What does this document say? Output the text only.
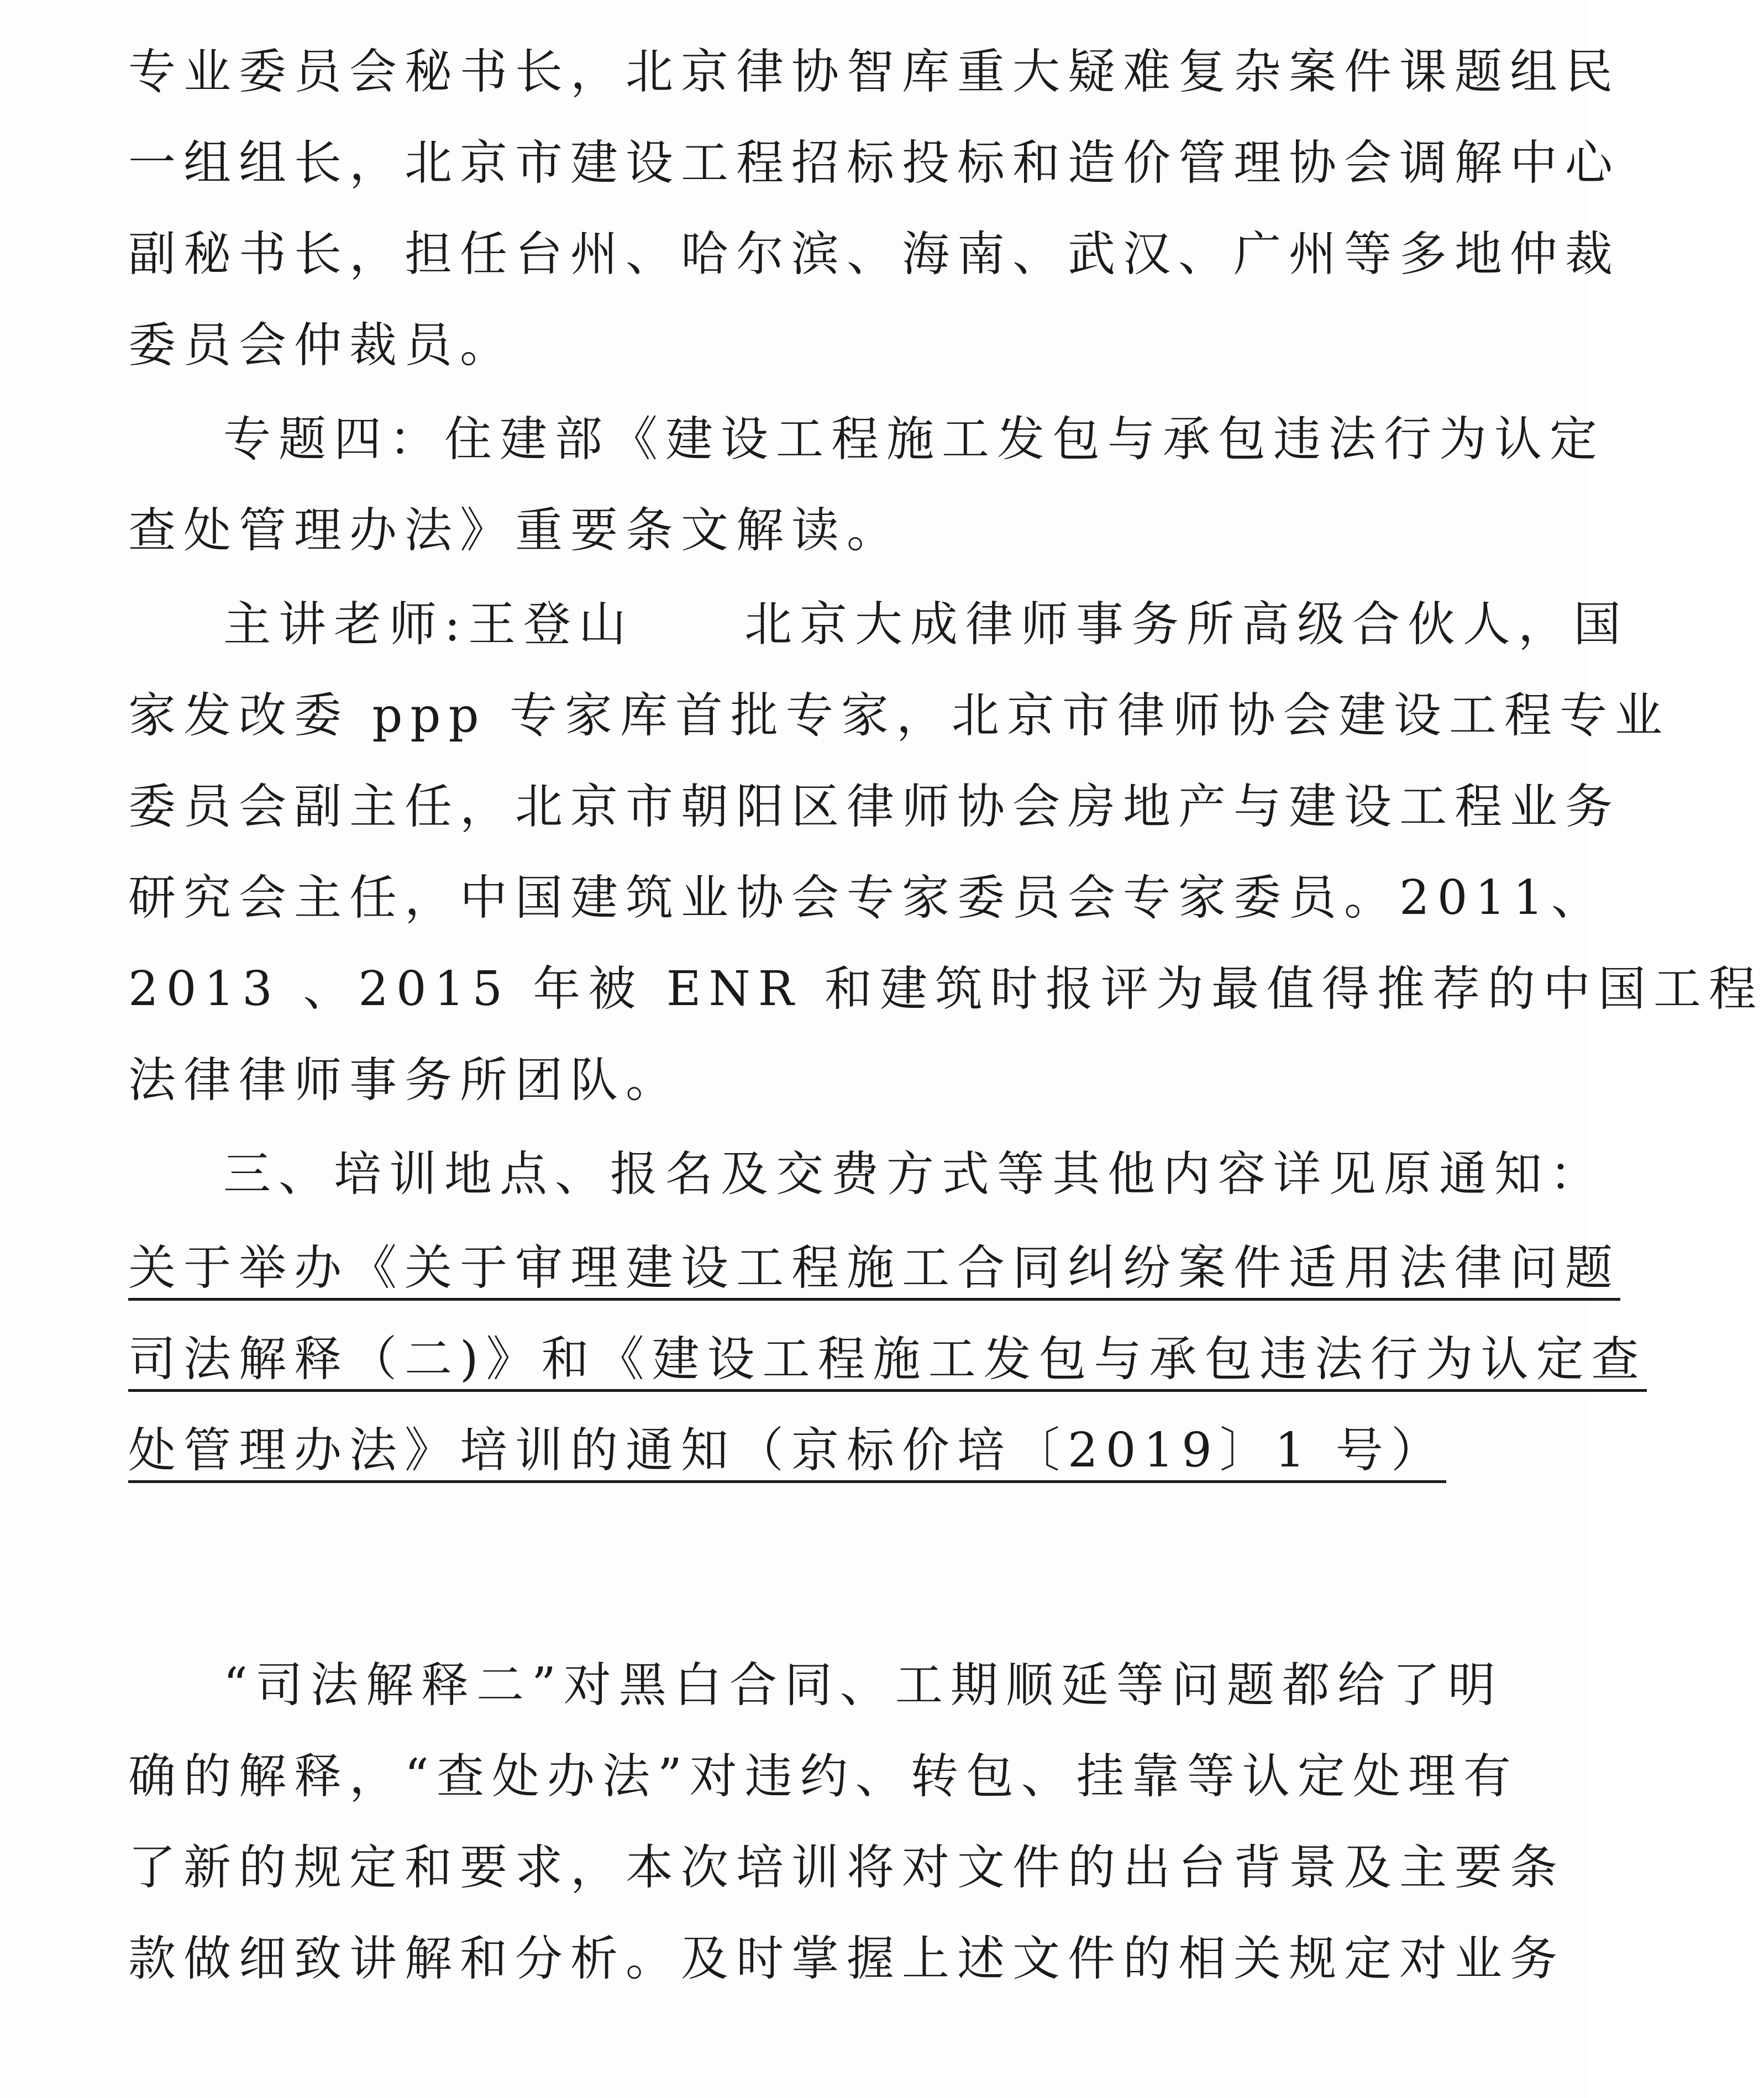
专业委员会秘书长，北京律协智库重大疑难复杂案件课题组民
一组组长，北京市建设工程招标投标和造价管理协会调解中心
副秘书长，担任台州、哈尔滨、海南、武汉、广州等多地仲裁
委员会仲裁员。
专题四：住建部《建设工程施工发包与承包违法行为认定
查处管理办法》重要条文解读。
主讲老师:王登山　　北京大成律师事务所高级合伙人，国
家发改委 ppp 专家库首批专家，北京市律师协会建设工程专业
委员会副主任，北京市朝阳区律师协会房地产与建设工程业务
研究会主任，中国建筑业协会专家委员会专家委员。2011、
2013 、2015 年被 ENR 和建筑时报评为最值得推荐的中国工程
法律律师事务所团队。
三、培训地点、报名及交费方式等其他内容详见原通知：
关于举办《关于审理建设工程施工合同纠纷案件适用法律问题
司法解释（二)》和《建设工程施工发包与承包违法行为认定查
处管理办法》培训的通知（京标价培〔2019〕1 号）
“司法解释二”对黑白合同、工期顺延等问题都给了明
确的解释，“查处办法”对违约、转包、挂靠等认定处理有
了新的规定和要求，本次培训将对文件的出台背景及主要条
款做细致讲解和分析。及时掌握上述文件的相关规定对业务
